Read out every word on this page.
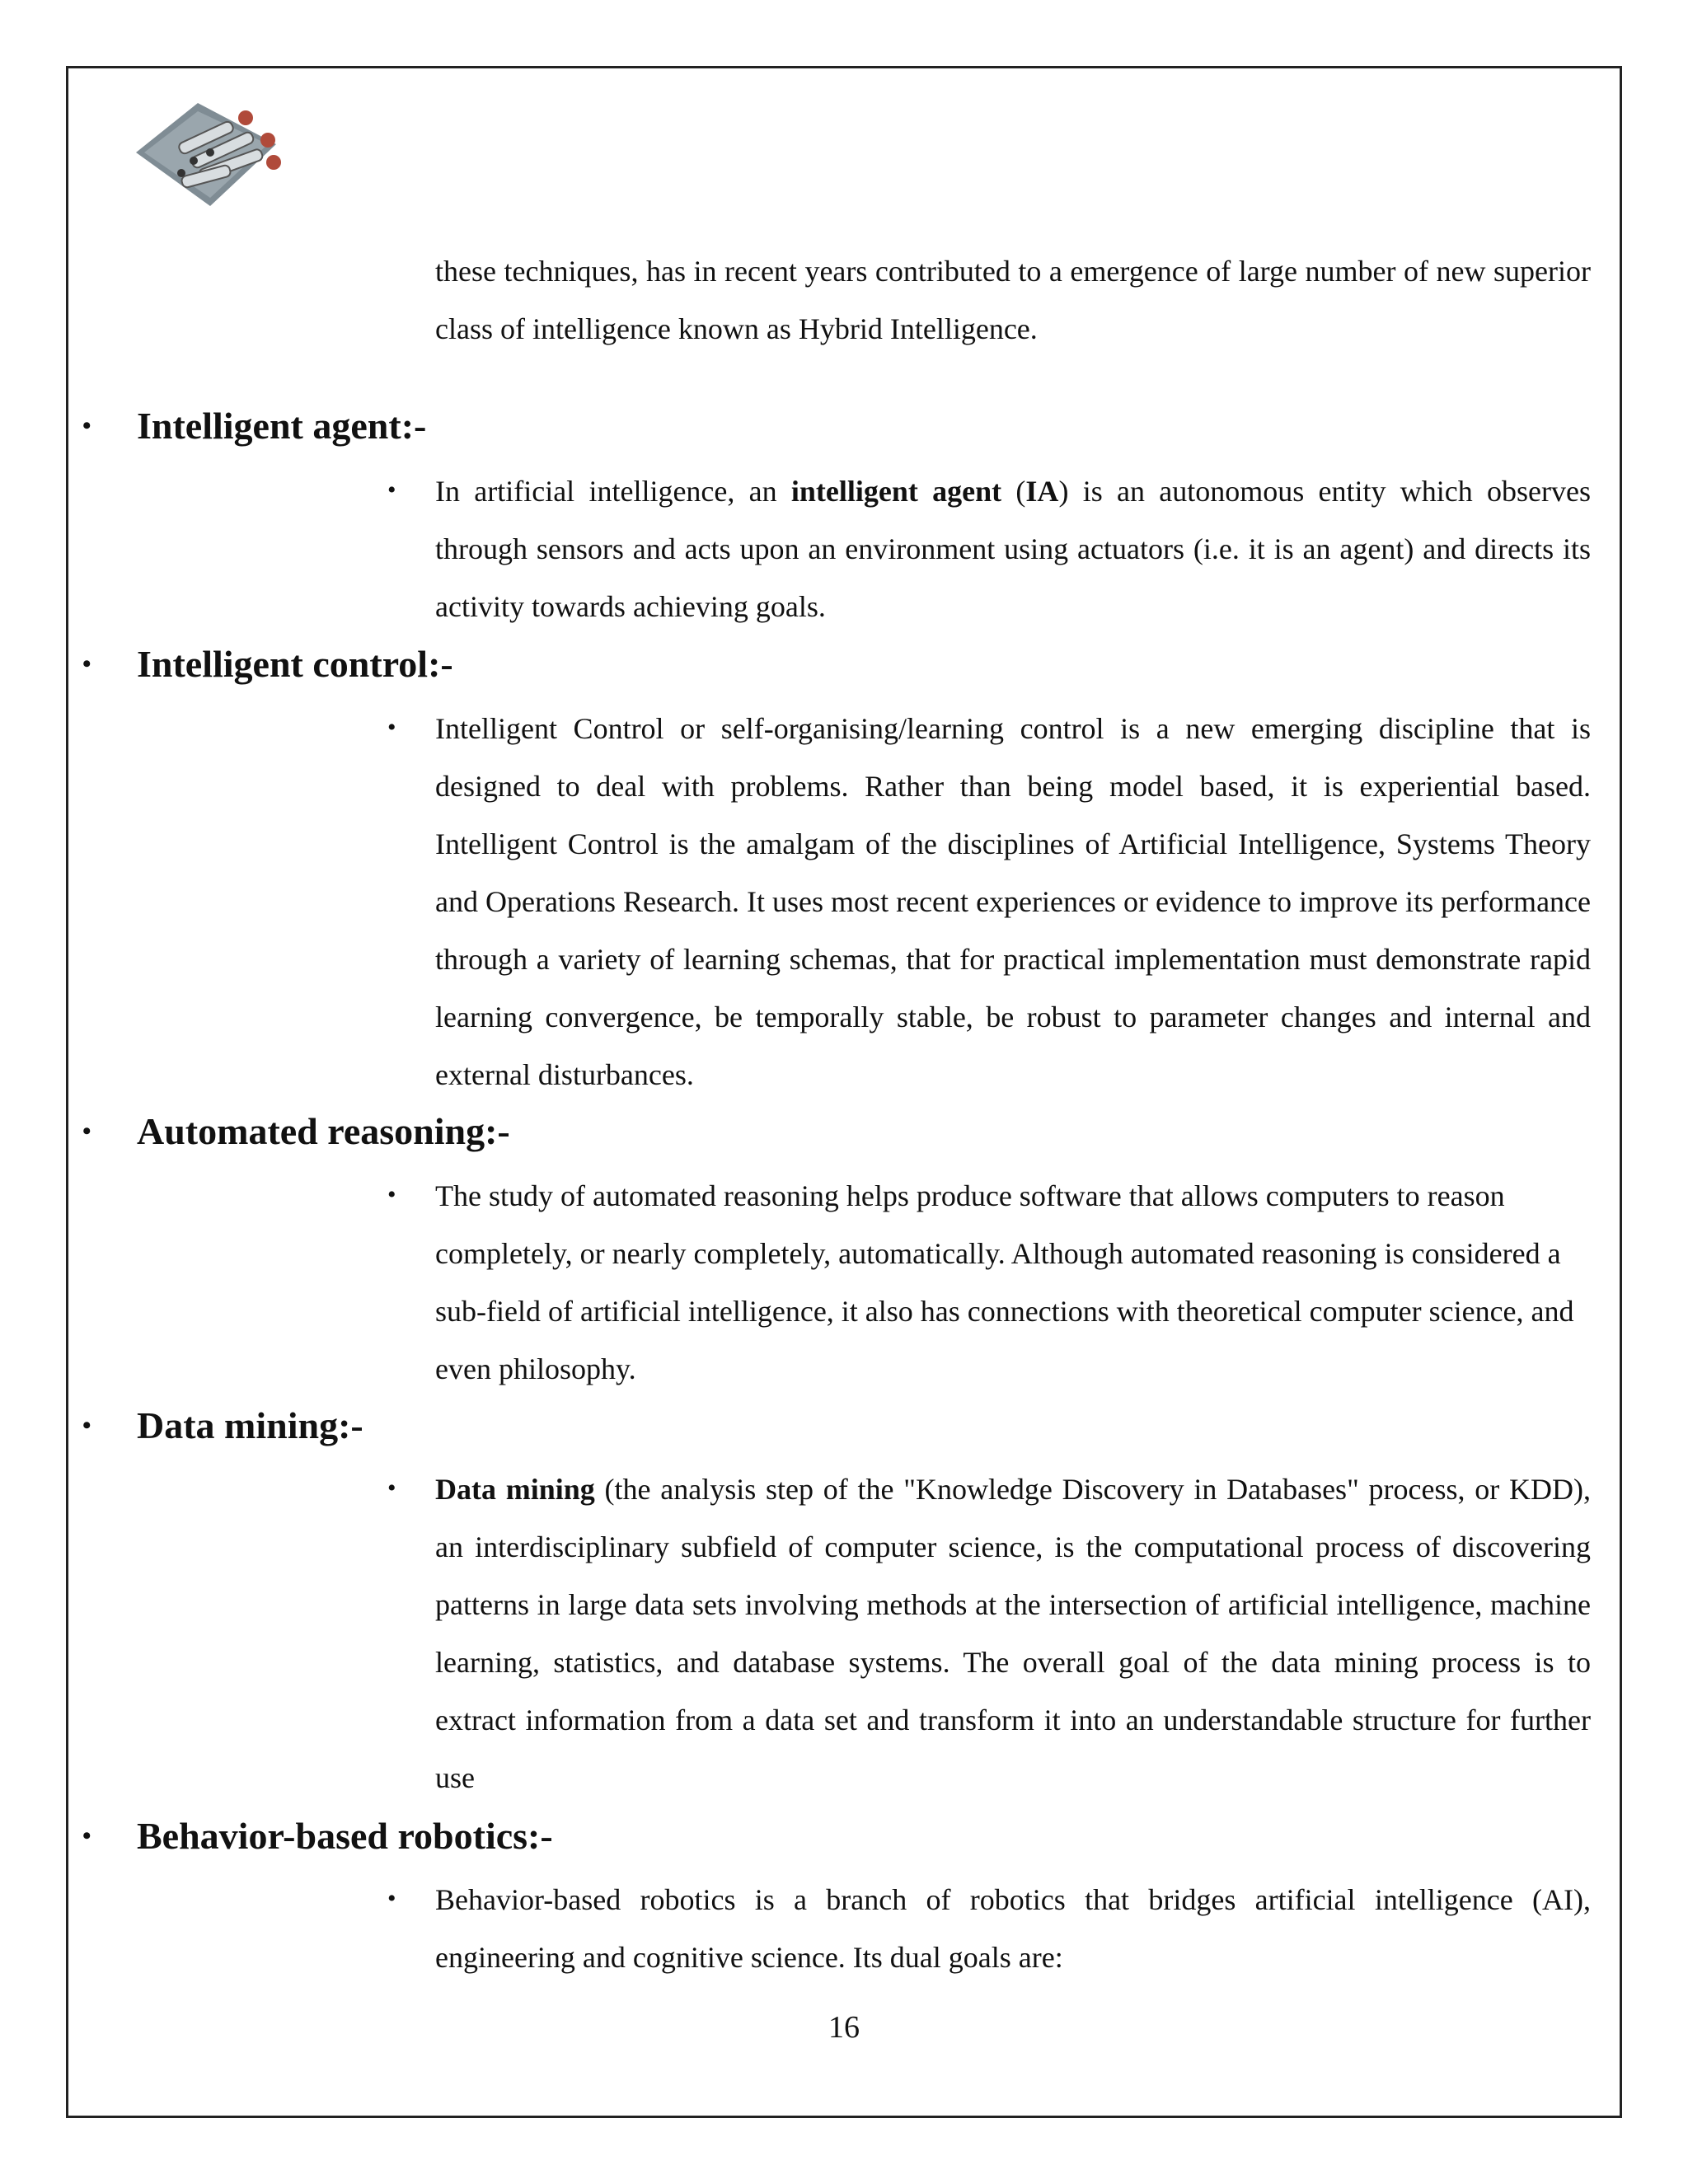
these techniques, has in recent years contributed to a emergence of large number of new superior class of intelligence known as Hybrid Intelligence.

• Intelligent agent:-
• In artificial intelligence, an intelligent agent (IA) is an autonomous entity which observes through sensors and acts upon an environment using actuators (i.e. it is an agent) and directs its activity towards achieving goals.

• Intelligent control:-
• Intelligent Control or self-organising/learning control is a new emerging discipline that is designed to deal with problems. Rather than being model based, it is experiential based. Intelligent Control is the amalgam of the disciplines of Artificial Intelligence, Systems Theory and Operations Research. It uses most recent experiences or evidence to improve its performance through a variety of learning schemas, that for practical implementation must demonstrate rapid learning convergence, be temporally stable, be robust to parameter changes and internal and external disturbances.

• Automated reasoning:-
• The study of automated reasoning helps produce software that allows computers to reason completely, or nearly completely, automatically. Although automated reasoning is considered a sub-field of artificial intelligence, it also has connections with theoretical computer science, and even philosophy.

• Data mining:-
• Data mining (the analysis step of the "Knowledge Discovery in Databases" process, or KDD), an interdisciplinary subfield of computer science, is the computational process of discovering patterns in large data sets involving methods at the intersection of artificial intelligence, machine learning, statistics, and database systems. The overall goal of the data mining process is to extract information from a data set and transform it into an understandable structure for further use

• Behavior-based robotics:-
• Behavior-based robotics is a branch of robotics that bridges artificial intelligence (AI), engineering and cognitive science. Its dual goals are:

16
